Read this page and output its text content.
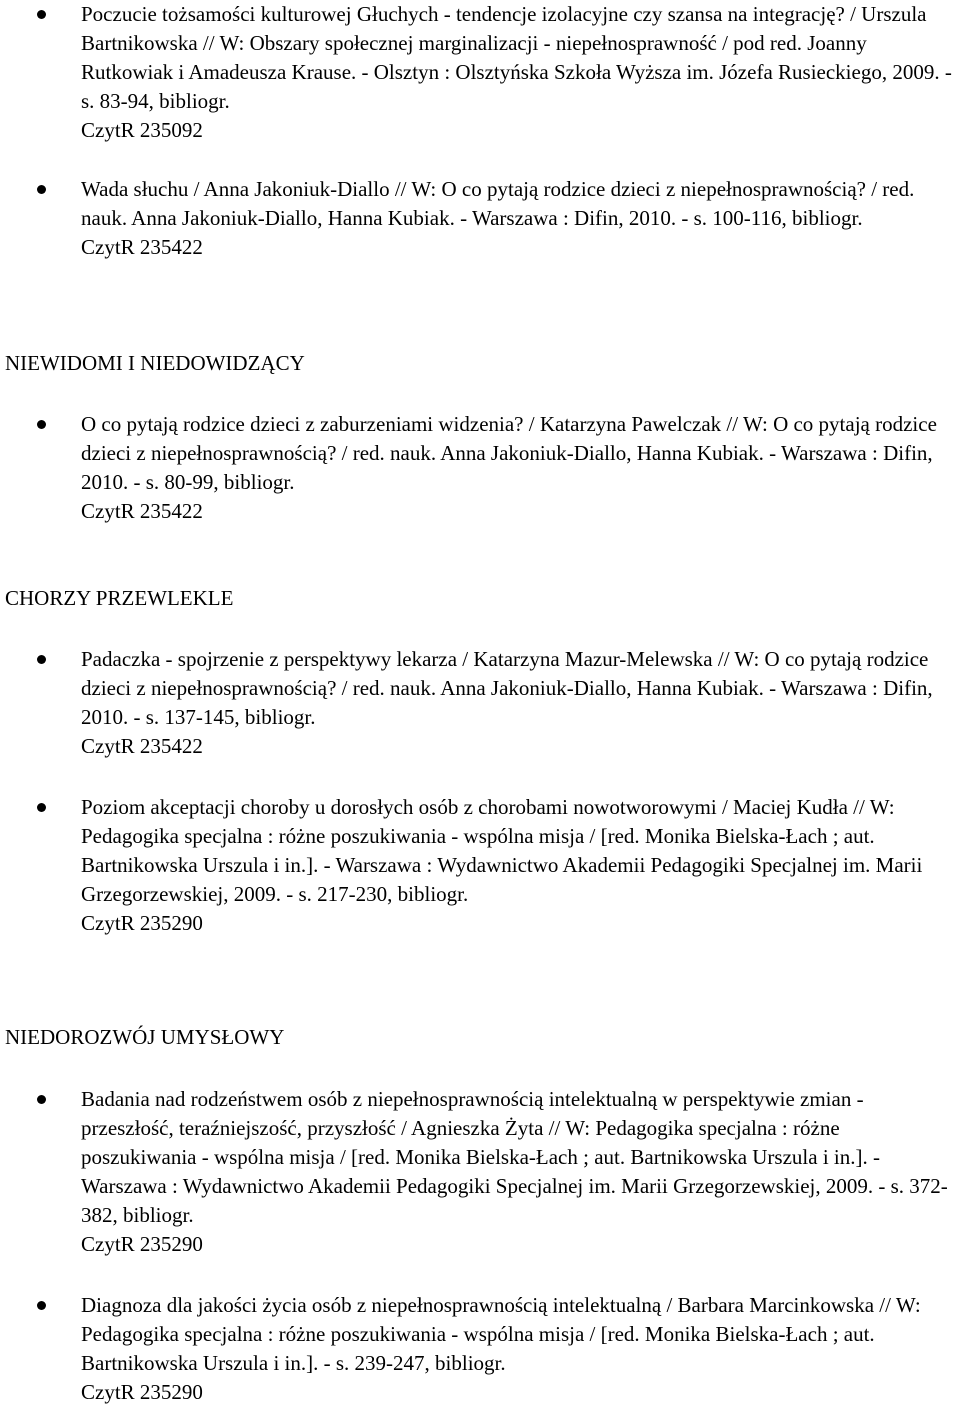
Poczucie tożsamości kulturowej Głuchych - tendencje izolacyjne czy szansa na integrację? / Urszula Bartnikowska // W: Obszary społecznej marginalizacji - niepełnosprawność / pod red. Joanny Rutkowiak i Amadeusza Krause. - Olsztyn : Olsztyńska Szkoła Wyższa im. Józefa Rusieckiego, 2009. - s. 83-94, bibliogr.
CzytR 235092
Wada słuchu / Anna Jakoniuk-Diallo // W: O co pytają rodzice dzieci z niepełnosprawnością? / red. nauk. Anna Jakoniuk-Diallo, Hanna Kubiak. - Warszawa : Difin, 2010. - s. 100-116, bibliogr.
CzytR 235422
NIEWIDOMI I NIEDOWIDZĄCY
O co pytają rodzice dzieci z zaburzeniami widzenia? / Katarzyna Pawelczak // W: O co pytają rodzice dzieci z niepełnosprawnością? / red. nauk. Anna Jakoniuk-Diallo, Hanna Kubiak. - Warszawa : Difin, 2010. - s. 80-99, bibliogr.
CzytR 235422
CHORZY PRZEWLEKLE
Padaczka - spojrzenie z perspektywy lekarza / Katarzyna Mazur-Melewska // W: O co pytają rodzice dzieci z niepełnosprawnością? / red. nauk. Anna Jakoniuk-Diallo, Hanna Kubiak. - Warszawa : Difin, 2010. - s. 137-145, bibliogr.
CzytR 235422
Poziom akceptacji choroby u dorosłych osób z chorobami nowotworowymi / Maciej Kudła // W: Pedagogika specjalna : różne poszukiwania - wspólna misja / [red. Monika Bielska-Łach ; aut. Bartnikowska Urszula i in.]. - Warszawa : Wydawnictwo Akademii Pedagogiki Specjalnej im. Marii Grzegorzewskiej, 2009. - s. 217-230, bibliogr.
CzytR 235290
NIEDOROZWÓJ UMYSŁOWY
Badania nad rodzeństwem osób z niepełnosprawnością intelektualną w perspektywie zmian - przeszłość, teraźniejszość, przyszłość / Agnieszka Żyta // W: Pedagogika specjalna : różne poszukiwania - wspólna misja / [red. Monika Bielska-Łach ; aut. Bartnikowska Urszula i in.]. - Warszawa : Wydawnictwo Akademii Pedagogiki Specjalnej im. Marii Grzegorzewskiej, 2009. - s. 372-382, bibliogr.
CzytR 235290
Diagnoza dla jakości życia osób z niepełnosprawnością intelektualną / Barbara Marcinkowska // W: Pedagogika specjalna : różne poszukiwania - wspólna misja / [red. Monika Bielska-Łach ; aut. Bartnikowska Urszula i in.]. - s. 239-247, bibliogr.
CzytR 235290
